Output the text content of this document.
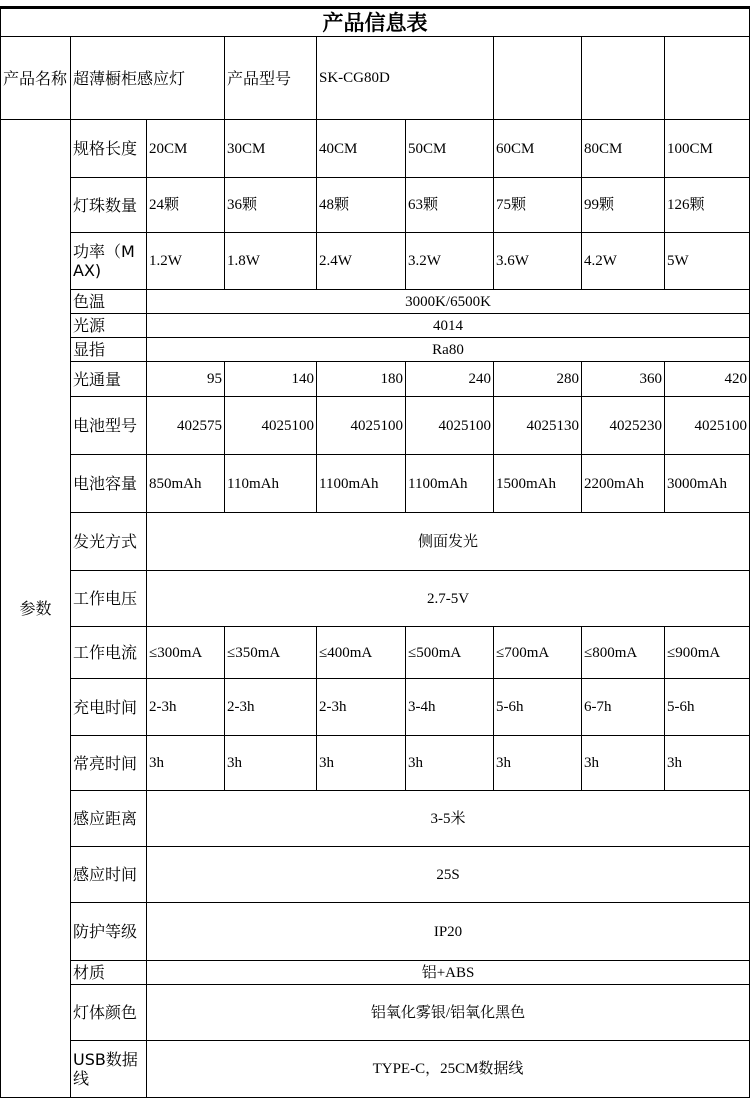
产品信息表								
产品名称	超薄橱柜感应灯		产品型号	SK-CG80D				
参数	规格长度	20CM	30CM	40CM	50CM	60CM	80CM	100CM
	灯珠数量	24颗	36颗	48颗	63颗	75颗	99颗	126颗
	功率（MAX)	1.2W	1.8W	2.4W	3.2W	3.6W	4.2W	5W
	色温	3000K/6500K						
	光源	4014						
	显指	Ra80						
	光通量	95	140	180	240	280	360	420
	电池型号	402575	4025100	4025100	4025100	4025130	4025230	4025100
	电池容量	850mAh	110mAh	1100mAh	1100mAh	1500mAh	2200mAh	3000mAh
	发光方式	侧面发光						
	工作电压	2.7-5V						
	工作电流	≤300mA	≤350mA	≤400mA	≤500mA	≤700mA	≤800mA	≤900mA
	充电时间	2-3h	2-3h	2-3h	3-4h	5-6h	6-7h	5-6h
	常亮时间	3h	3h	3h	3h	3h	3h	3h
	感应距离	3-5米						
	感应时间	25S						
	防护等级	IP20						
	材质	铝+ABS						
	灯体颜色	铝氧化雾银/铝氧化黑色						
	USB数据线	TYPE-C，25CM数据线						
